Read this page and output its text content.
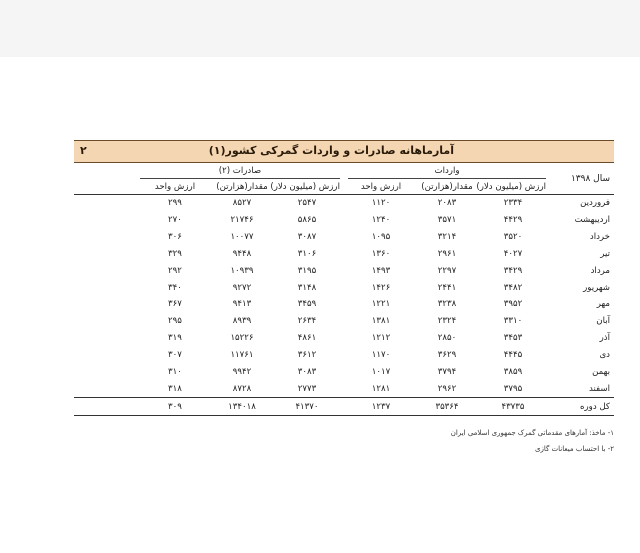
آمارماهانه صادرات و واردات گمرکی کشور(۱)
۲
سال ۱۳۹۸	واردات				صادرات (۲)			
	ارزش (میلیون دلار)	مقدار(هزارتن)	ارزش واحد		ارزش (میلیون دلار)	مقدار(هزارتن)	ارزش واحد	
فروردین	۲۳۳۴	۲۰۸۳	۱۱۲۰		۲۵۴۷	۸۵۲۷	۲۹۹	
اردیبهشت	۴۴۲۹	۳۵۷۱	۱۲۴۰		۵۸۶۵	۲۱۷۴۶	۲۷۰	
خرداد	۳۵۲۰	۳۲۱۴	۱۰۹۵		۳۰۸۷	۱۰۰۷۷	۳۰۶	
تیر	۴۰۲۷	۲۹۶۱	۱۳۶۰		۳۱۰۶	۹۴۴۸	۳۲۹	
مرداد	۳۴۲۹	۲۲۹۷	۱۴۹۳		۳۱۹۵	۱۰۹۳۹	۲۹۲	
شهریور	۳۴۸۲	۲۴۴۱	۱۴۲۶		۳۱۴۸	۹۲۷۲	۳۴۰	
مهر	۳۹۵۲	۳۲۳۸	۱۲۲۱		۳۴۵۹	۹۴۱۳	۳۶۷	
آبان	۳۳۱۰	۲۳۲۴	۱۳۸۱		۲۶۳۴	۸۹۳۹	۲۹۵	
آذر	۳۴۵۳	۲۸۵۰	۱۲۱۲		۴۸۶۱	۱۵۲۲۶	۳۱۹	
دی	۴۴۴۵	۳۶۲۹	۱۱۷۰		۳۶۱۲	۱۱۷۶۱	۳۰۷	
بهمن	۳۸۵۹	۳۷۹۴	۱۰۱۷		۳۰۸۳	۹۹۴۲	۳۱۰	
اسفند	۳۷۹۵	۲۹۶۲	۱۲۸۱		۲۷۷۳	۸۷۲۸	۳۱۸	
کل دوره	۴۳۷۳۵	۳۵۳۶۴	۱۲۳۷		۴۱۳۷۰	۱۳۴۰۱۸	۳۰۹	
۱- ماخذ: آمارهای مقدماتی گمرک جمهوری اسلامی ایران
۲- با احتساب میعانات گازی
